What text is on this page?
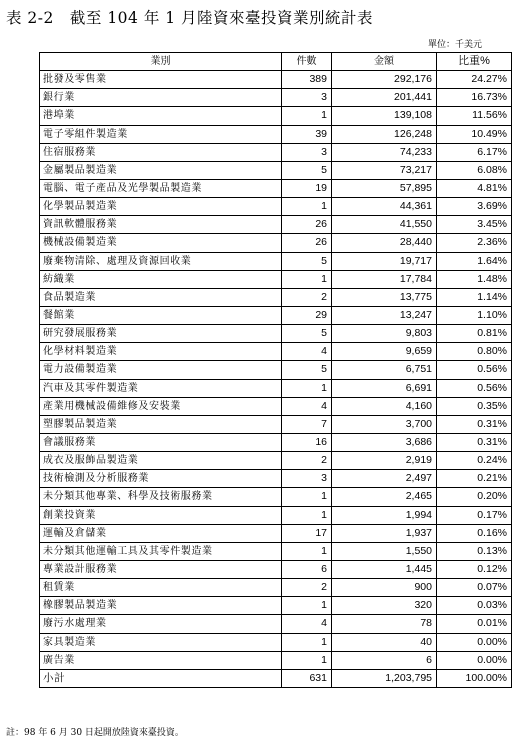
表 2-2　截至 104 年 1 月陸資來臺投資業別統計表
單位：千美元
業別	件數	金額	比重%
批發及零售業	389	292,176	24.27%
銀行業	3	201,441	16.73%
港埠業	1	139,108	11.56%
電子零組件製造業	39	126,248	10.49%
住宿服務業	3	74,233	6.17%
金屬製品製造業	5	73,217	6.08%
電腦、電子產品及光學製品製造業	19	57,895	4.81%
化學製品製造業	1	44,361	3.69%
資訊軟體服務業	26	41,550	3.45%
機械設備製造業	26	28,440	2.36%
廢棄物清除、處理及資源回收業	5	19,717	1.64%
紡織業	1	17,784	1.48%
食品製造業	2	13,775	1.14%
餐館業	29	13,247	1.10%
研究發展服務業	5	9,803	0.81%
化學材料製造業	4	9,659	0.80%
電力設備製造業	5	6,751	0.56%
汽車及其零件製造業	1	6,691	0.56%
產業用機械設備維修及安裝業	4	4,160	0.35%
塑膠製品製造業	7	3,700	0.31%
會議服務業	16	3,686	0.31%
成衣及服飾品製造業	2	2,919	0.24%
技術檢測及分析服務業	3	2,497	0.21%
未分類其他專業、科學及技術服務業	1	2,465	0.20%
創業投資業	1	1,994	0.17%
運輸及倉儲業	17	1,937	0.16%
未分類其他運輸工具及其零件製造業	1	1,550	0.13%
專業設計服務業	6	1,445	0.12%
租賃業	2	900	0.07%
橡膠製品製造業	1	320	0.03%
廢污水處理業	4	78	0.01%
家具製造業	1	40	0.00%
廣告業	1	6	0.00%
小計	631	1,203,795	100.00%
註：98 年 6 月 30 日起開放陸資來臺投資。
